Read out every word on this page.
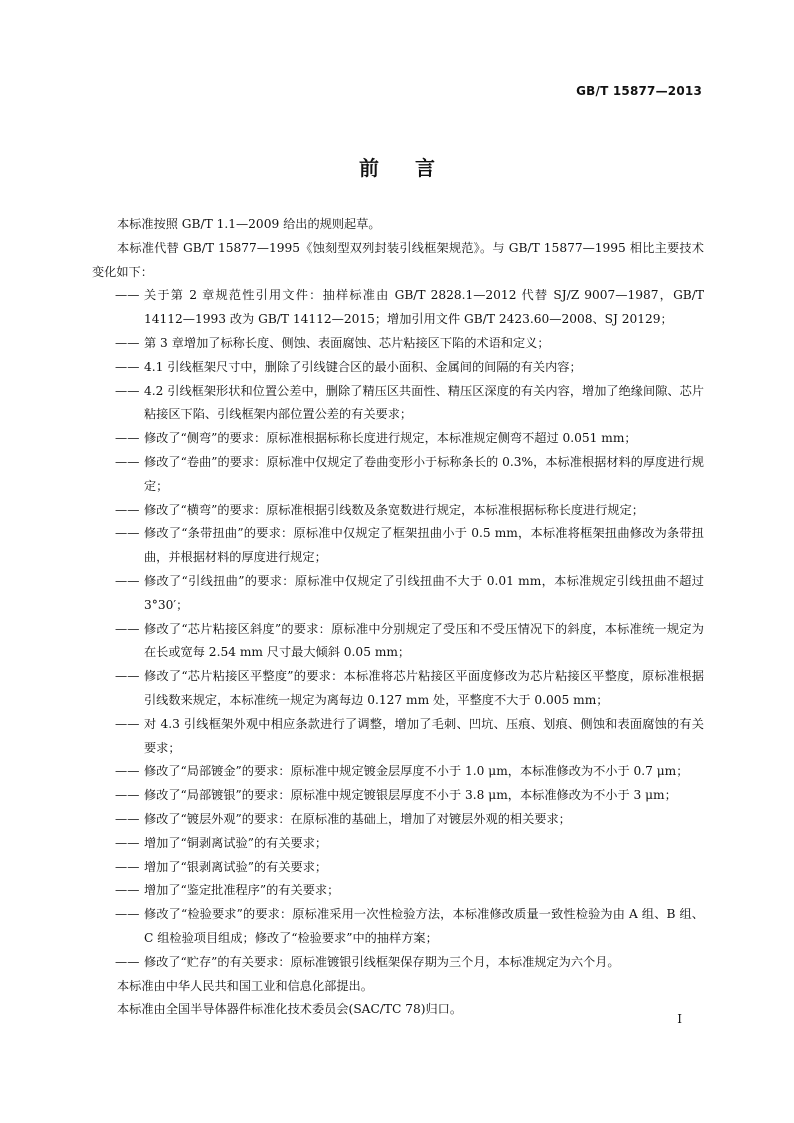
GB/T 15877—2013
前言

本标准按照 GB/T 1.1—2009 给出的规则起草。

本标准代替 GB/T 15877—1995《蚀刻型双列封装引线框架规范》。与 GB/T 15877—1995 相比主要技术变化如下：

—— 关于第 2 章规范性引用文件：抽样标准由 GB/T 2828.1—2012 代替 SJ/Z 9007—1987，GB/T 14112—1993 改为 GB/T 14112—2015；增加引用文件 GB/T 2423.60—2008、SJ 20129；

—— 第 3 章增加了标称长度、侧蚀、表面腐蚀、芯片粘接区下陷的术语和定义；

—— 4.1 引线框架尺寸中，删除了引线键合区的最小面积、金属间的间隔的有关内容；

—— 4.2 引线框架形状和位置公差中，删除了精压区共面性、精压区深度的有关内容，增加了绝缘间隙、芯片粘接区下陷、引线框架内部位置公差的有关要求；

—— 修改了“侧弯”的要求：原标准根据标称长度进行规定，本标准规定侧弯不超过 0.051 mm；

—— 修改了“卷曲”的要求：原标准中仅规定了卷曲变形小于标称条长的 0.3%，本标准根据材料的厚度进行规定；

—— 修改了“横弯”的要求：原标准根据引线数及条宽数进行规定，本标准根据标称长度进行规定；

—— 修改了“条带扭曲”的要求：原标准中仅规定了框架扭曲小于 0.5 mm，本标准将框架扭曲修改为条带扭曲，并根据材料的厚度进行规定；

—— 修改了“引线扭曲”的要求：原标准中仅规定了引线扭曲不大于 0.01 mm，本标准规定引线扭曲不超过 3°30′；

—— 修改了“芯片粘接区斜度”的要求：原标准中分别规定了受压和不受压情况下的斜度，本标准统一规定为在长或宽每 2.54 mm 尺寸最大倾斜 0.05 mm；

—— 修改了“芯片粘接区平整度”的要求：本标准将芯片粘接区平面度修改为芯片粘接区平整度，原标准根据引线数来规定，本标准统一规定为离每边 0.127 mm 处，平整度不大于 0.005 mm；

—— 对 4.3 引线框架外观中相应条款进行了调整，增加了毛刺、凹坑、压痕、划痕、侧蚀和表面腐蚀的有关要求；

—— 修改了“局部镀金”的要求：原标准中规定镀金层厚度不小于 1.0 μm，本标准修改为不小于 0.7 μm；

—— 修改了“局部镀银”的要求：原标准中规定镀银层厚度不小于 3.8 μm，本标准修改为不小于 3 μm；

—— 修改了“镀层外观”的要求：在原标准的基础上，增加了对镀层外观的相关要求；

—— 增加了“铜剥离试验”的有关要求；

—— 增加了“银剥离试验”的有关要求；

—— 增加了“鉴定批准程序”的有关要求；

—— 修改了“检验要求”的要求：原标准采用一次性检验方法，本标准修改质量一致性检验为由 A 组、B 组、C 组检验项目组成；修改了“检验要求”中的抽样方案；

—— 修改了“贮存”的有关要求：原标准镀银引线框架保存期为三个月，本标准规定为六个月。

本标准由中华人民共和国工业和信息化部提出。

本标准由全国半导体器件标准化技术委员会(SAC/TC 78)归口。

I
